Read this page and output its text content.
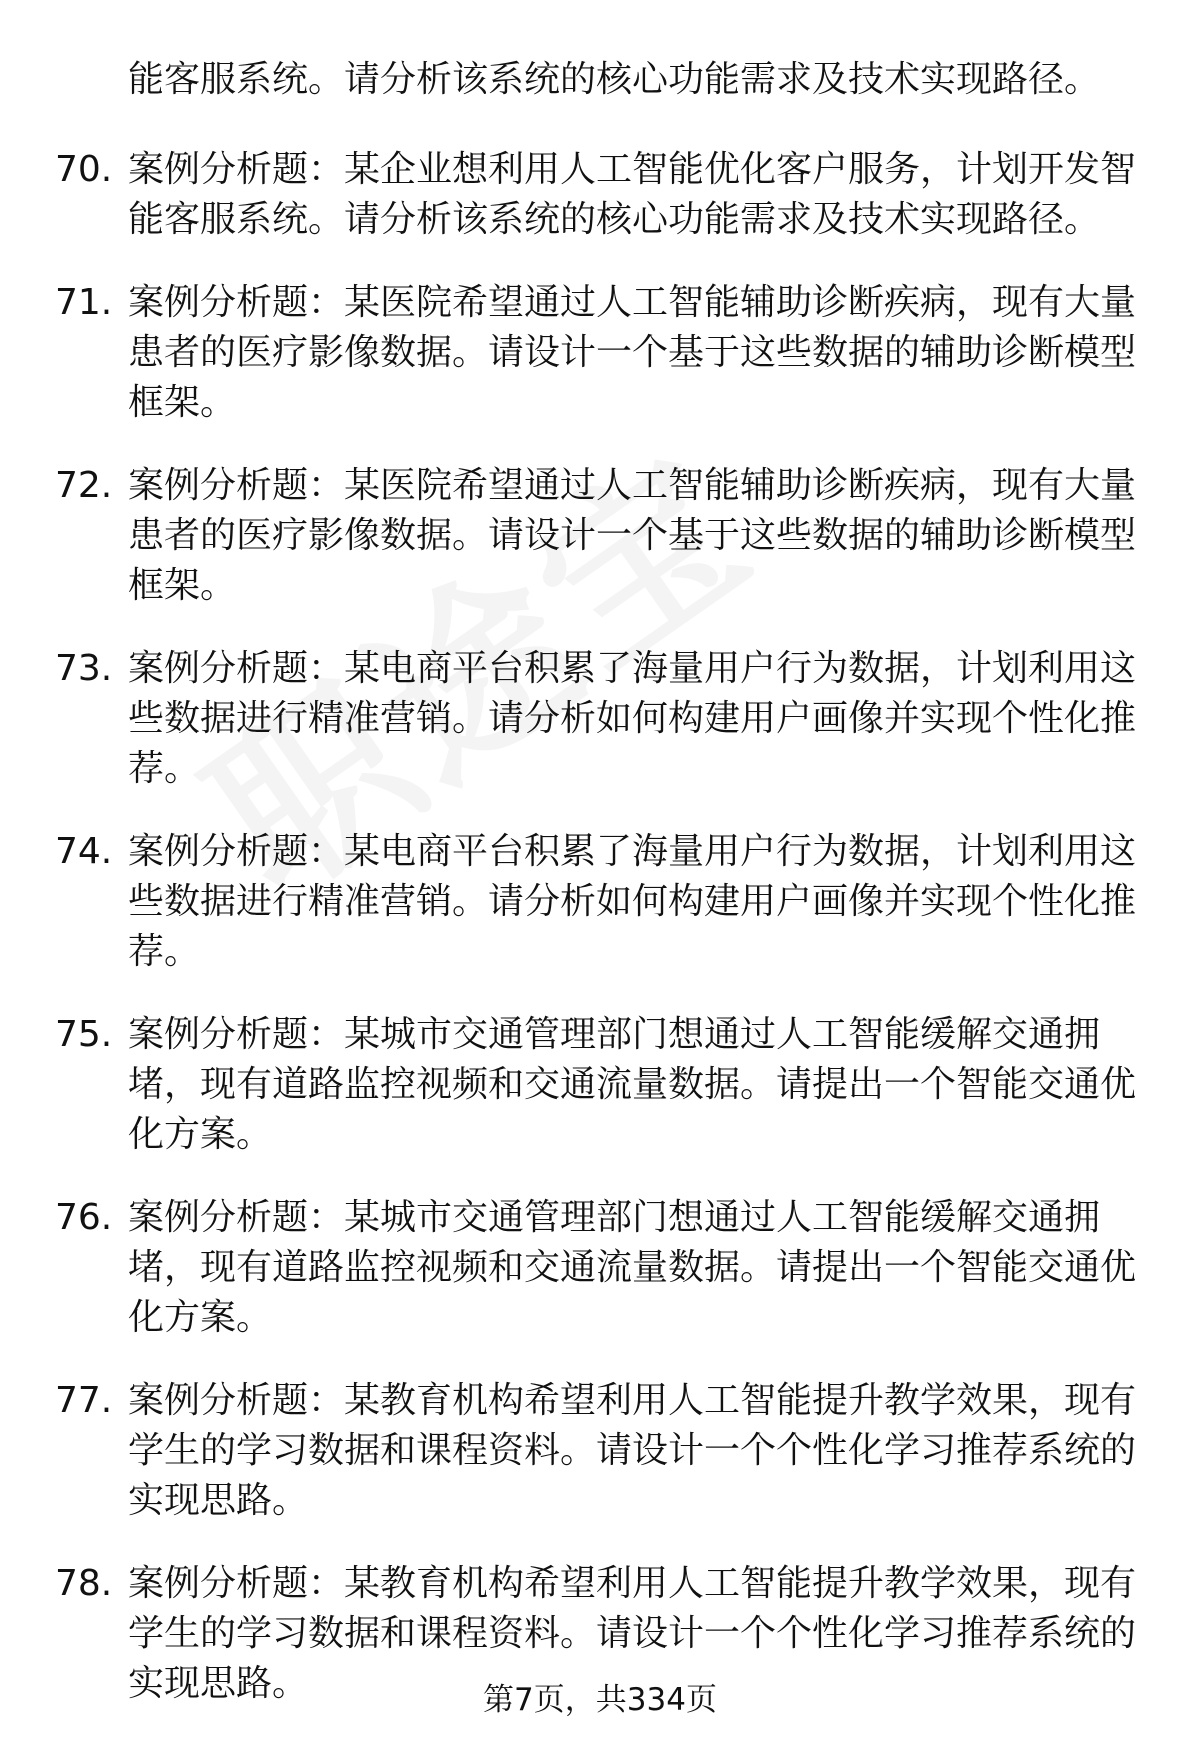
能客服系统。请分析该系统的核心功能需求及技术实现路径。
70. 案例分析题：某企业想利用人工智能优化客户服务，计划开发智能客服系统。请分析该系统的核心功能需求及技术实现路径。
71. 案例分析题：某医院希望通过人工智能辅助诊断疾病，现有大量患者的医疗影像数据。请设计一个基于这些数据的辅助诊断模型框架。
72. 案例分析题：某医院希望通过人工智能辅助诊断疾病，现有大量患者的医疗影像数据。请设计一个基于这些数据的辅助诊断模型框架。
73. 案例分析题：某电商平台积累了海量用户行为数据，计划利用这些数据进行精准营销。请分析如何构建用户画像并实现个性化推荐。
74. 案例分析题：某电商平台积累了海量用户行为数据，计划利用这些数据进行精准营销。请分析如何构建用户画像并实现个性化推荐。
75. 案例分析题：某城市交通管理部门想通过人工智能缓解交通拥堵，现有道路监控视频和交通流量数据。请提出一个智能交通优化方案。
76. 案例分析题：某城市交通管理部门想通过人工智能缓解交通拥堵，现有道路监控视频和交通流量数据。请提出一个智能交通优化方案。
77. 案例分析题：某教育机构希望利用人工智能提升教学效果，现有学生的学习数据和课程资料。请设计一个个性化学习推荐系统的实现思路。
78. 案例分析题：某教育机构希望利用人工智能提升教学效果，现有学生的学习数据和课程资料。请设计一个个性化学习推荐系统的实现思路。	第7页，共334页
